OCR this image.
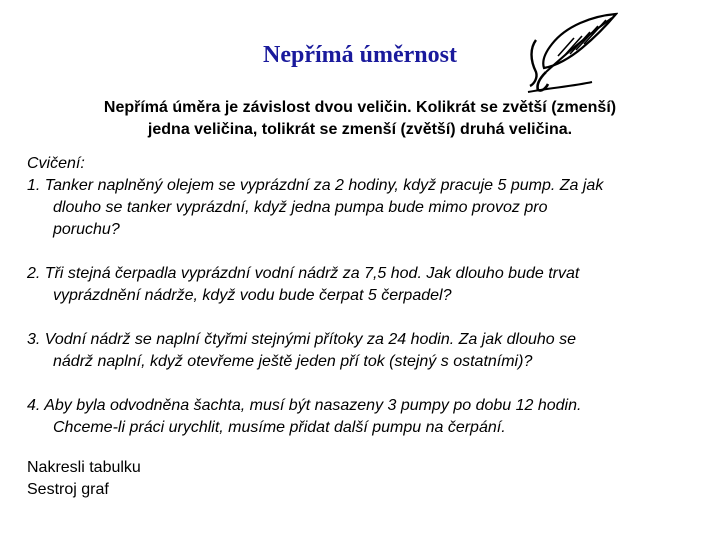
Nepřímá úměrnost
Nepřímá úměra je závislost dvou veličin. Kolikrát se zvětší (zmenší)
jedna veličina, tolikrát se zmenší (zvětší) druhá veličina.
Cvičení:
1. Tanker naplněný olejem se vyprázdní za 2 hodiny, když pracuje 5 pump. Za jak
dlouho se tanker vyprázdní, když jedna pumpa bude mimo provoz pro
poruchu?
2. Tři stejná čerpadla vyprázdní vodní nádrž za 7,5 hod. Jak dlouho bude trvat
vyprázdnění nádrže, když vodu bude čerpat 5 čerpadel?
3. Vodní nádrž se naplní čtyřmi stejnými přítoky za 24 hodin. Za jak dlouho se
nádrž naplní, když otevřeme ještě jeden pří tok (stejný s ostatními)?
4. Aby byla odvodněna šachta, musí být nasazeny 3 pumpy po dobu 12 hodin.
Chceme-li práci urychlit, musíme přidat další pumpu na čerpání.
Nakresli tabulku
Sestroj graf
